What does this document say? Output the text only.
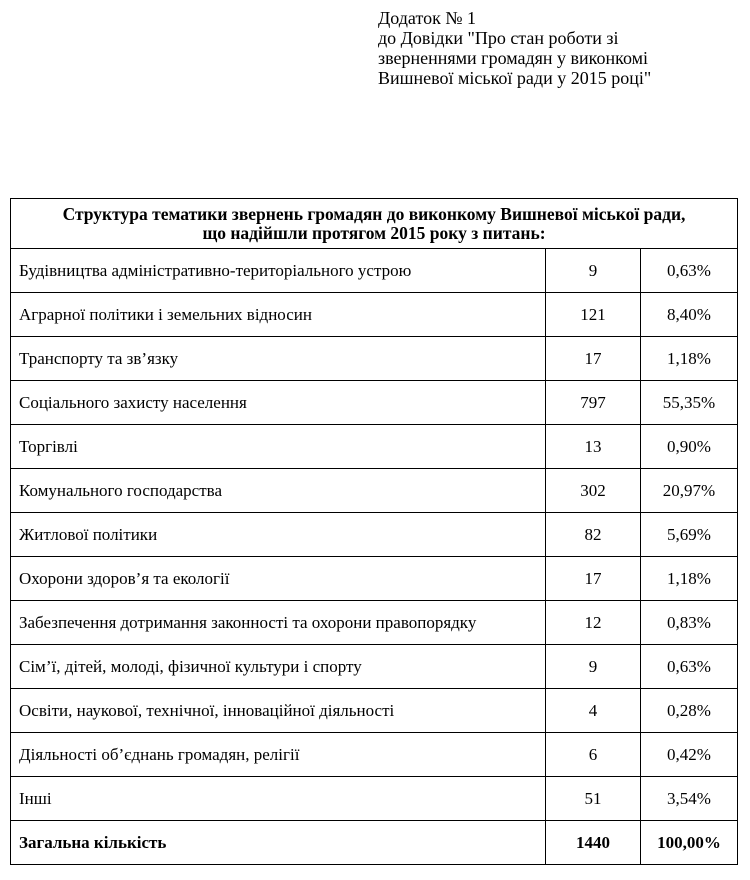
Додаток № 1
до Довідки "Про стан роботи зі
зверненнями громадян у виконкомі
Вишневої міської ради у 2015 році"
Структура тематики звернень громадян до виконкому Вишневої міської ради,
що надійшли протягом 2015 року з питань:		

Будівництва адміністративно-територіального устрою	9	0,63%
Аграрної політики і земельних відносин	121	8,40%
Транспорту та зв’язку	17	1,18%
Соціального захисту населення	797	55,35%
Торгівлі	13	0,90%
Комунального господарства	302	20,97%
Житлової політики	82	5,69%
Охорони здоров’я та екології	17	1,18%
Забезпечення дотримання законності та охорони правопорядку	12	0,83%
Сім’ї, дітей, молоді, фізичної культури і спорту	9	0,63%
Освіти, наукової, технічної, інноваційної діяльності	4	0,28%
Діяльності об’єднань громадян, релігії	6	0,42%
Інші	51	3,54%
Загальна кількість	1440	100,00%
